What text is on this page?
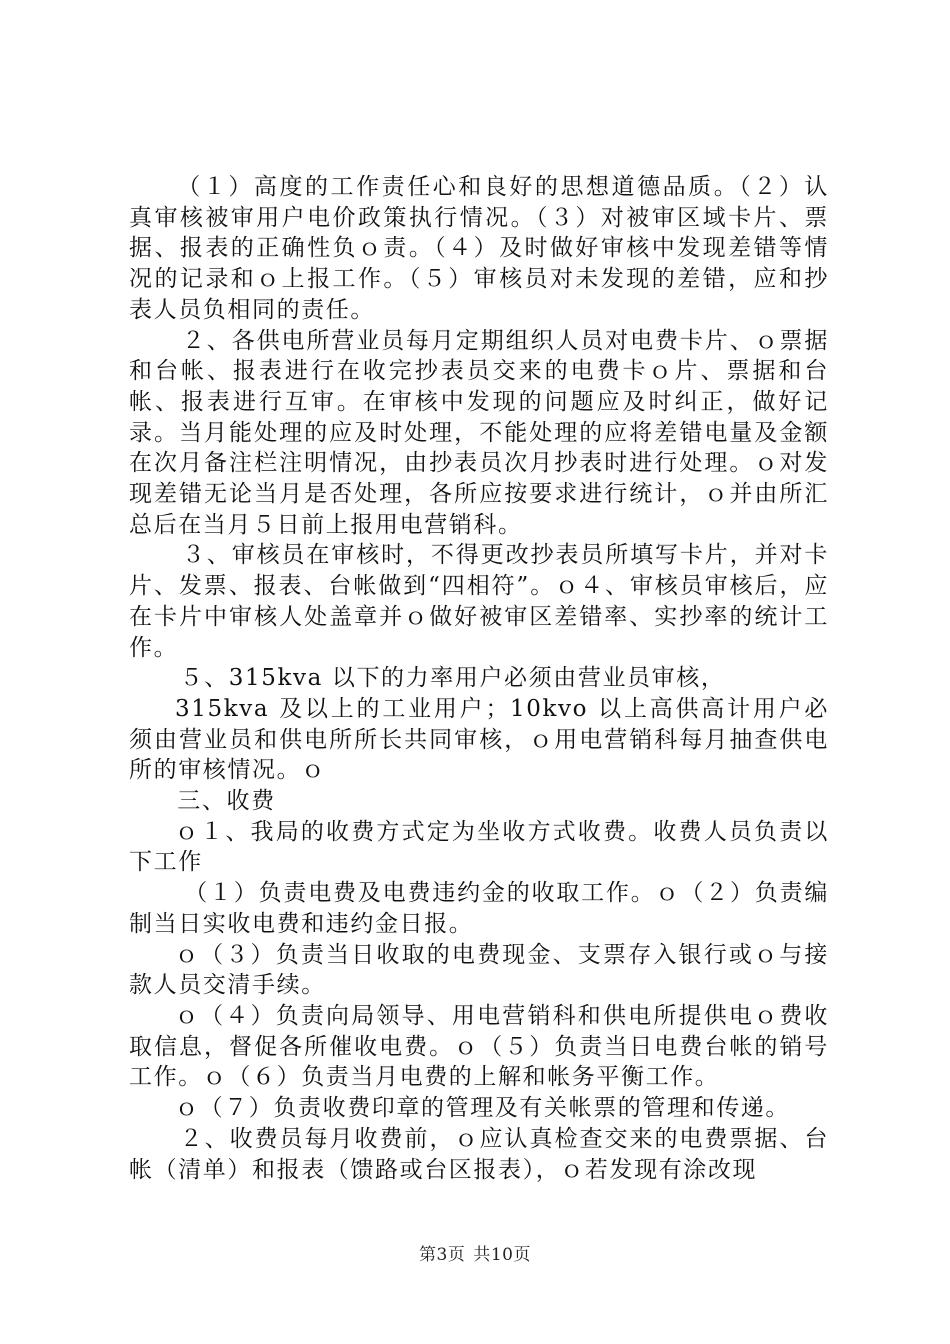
（１）高度的工作责任心和良好的思想道德品质。（２）认真审核被审用户电价政策执行情况。（３）对被审区域卡片、票据、报表的正确性负ｏ责。（４）及时做好审核中发现差错等情况的记录和ｏ上报工作。（５）审核员对未发现的差错，应和抄表人员负相同的责任。

２、各供电所营业员每月定期组织人员对电费卡片、ｏ票据和台帐、报表进行在收完抄表员交来的电费卡ｏ片、票据和台帐、报表进行互审。在审核中发现的问题应及时纠正，做好记录。当月能处理的应及时处理，不能处理的应将差错电量及金额在次月备注栏注明情况，由抄表员次月抄表时进行处理。ｏ对发现差错无论当月是否处理，各所应按要求进行统计，ｏ并由所汇总后在当月５日前上报用电营销科。

３、审核员在审核时，不得更改抄表员所填写卡片，并对卡片、发票、报表、台帐做到“四相符”。ｏ４、审核员审核后，应在卡片中审核人处盖章并ｏ做好被审区差错率、实抄率的统计工作。

５、315kva 以下的力率用户必须由营业员审核，

315kva 及以上的工业用户；10kvo 以上高供高计用户必须由营业员和供电所所长共同审核，ｏ用电营销科每月抽查供电所的审核情况。ｏ

三、收费

ｏ１、我局的收费方式定为坐收方式收费。收费人员负责以下工作

（１）负责电费及电费违约金的收取工作。ｏ（２）负责编制当日实收电费和违约金日报。

ｏ（３）负责当日收取的电费现金、支票存入银行或ｏ与接款人员交清手续。

ｏ（４）负责向局领导、用电营销科和供电所提供电ｏ费收取信息，督促各所催收电费。ｏ（５）负责当日电费台帐的销号工作。ｏ（６）负责当月电费的上解和帐务平衡工作。

ｏ（７）负责收费印章的管理及有关帐票的管理和传递。

２、收费员每月收费前，ｏ应认真检查交来的电费票据、台帐（清单）和报表（馈路或台区报表），ｏ若发现有涂改现

第3页 共10页
